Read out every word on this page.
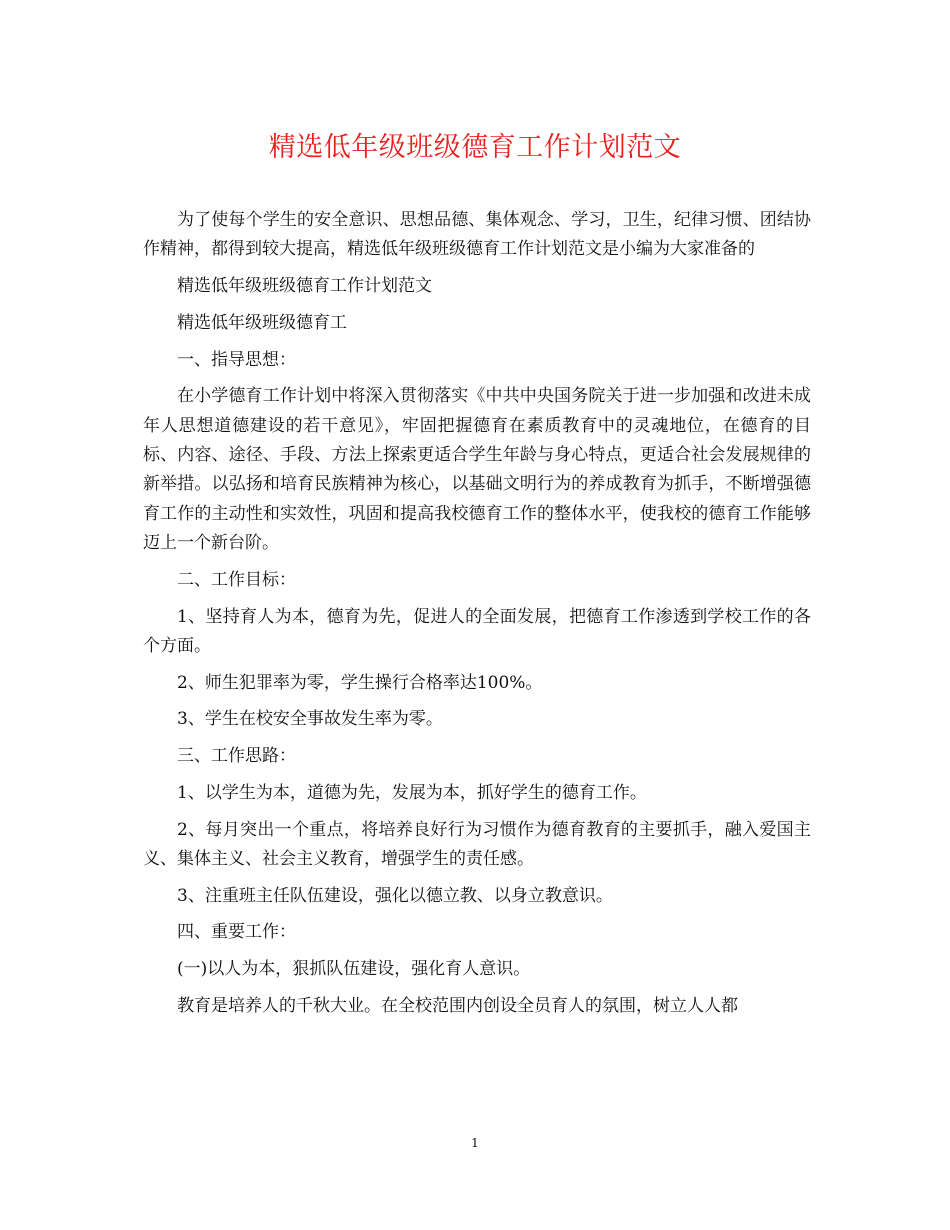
精选低年级班级德育工作计划范文

为了使每个学生的安全意识、思想品德、集体观念、学习，卫生，纪律习惯、团结协作精神，都得到较大提高，精选低年级班级德育工作计划范文是小编为大家准备的

精选低年级班级德育工作计划范文

精选低年级班级德育工

一、指导思想：

在小学德育工作计划中将深入贯彻落实《中共中央国务院关于进一步加强和改进未成年人思想道德建设的若干意见》，牢固把握德育在素质教育中的灵魂地位，在德育的目标、内容、途径、手段、方法上探索更适合学生年龄与身心特点，更适合社会发展规律的新举措。以弘扬和培育民族精神为核心，以基础文明行为的养成教育为抓手，不断增强德育工作的主动性和实效性，巩固和提高我校德育工作的整体水平，使我校的德育工作能够迈上一个新台阶。

二、工作目标：

1、坚持育人为本，德育为先，促进人的全面发展，把德育工作渗透到学校工作的各个方面。

2、师生犯罪率为零，学生操行合格率达100%。

3、学生在校安全事故发生率为零。

三、工作思路：

1、以学生为本，道德为先，发展为本，抓好学生的德育工作。

2、每月突出一个重点，将培养良好行为习惯作为德育教育的主要抓手，融入爱国主义、集体主义、社会主义教育，增强学生的责任感。

3、注重班主任队伍建设，强化以德立教、以身立教意识。

四、重要工作：

(一)以人为本，狠抓队伍建设，强化育人意识。

教育是培养人的千秋大业。在全校范围内创设全员育人的氛围，树立人人都

1
